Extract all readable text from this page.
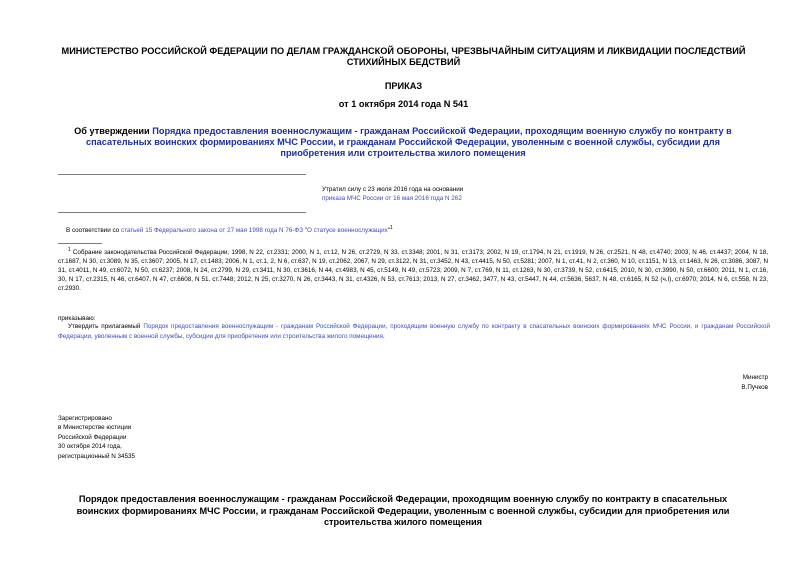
МИНИСТЕРСТВО РОССИЙСКОЙ ФЕДЕРАЦИИ ПО ДЕЛАМ ГРАЖДАНСКОЙ ОБОРОНЫ, ЧРЕЗВЫЧАЙНЫМ СИТУАЦИЯМ И ЛИКВИДАЦИИ ПОСЛЕДСТВИЙ СТИХИЙНЫХ БЕДСТВИЙ
ПРИКАЗ
от 1 октября 2014 года N 541
Об утверждении Порядка предоставления военнослужащим - гражданам Российской Федерации, проходящим военную службу по контракту в спасательных воинских формированиях МЧС России, и гражданам Российской Федерации, уволенным с военной службы, субсидии для приобретения или строительства жилого помещения
Утратил силу с 23 июля 2016 года на основании
приказа МЧС России от 16 мая 2016 года N 262
В соответствии со статьей 15 Федерального закона от 27 мая 1998 года N 76-ФЗ "О статусе военнослужащих"$^1$
$^1$ Собрание законодательства Российской Федерации, 1998, N 22, ст.2331; 2000, N 1, ст.12, N 26, ст.2729, N 33, ст.3348; 2001, N 31, ст.3173; 2002, N 19, ст.1794, N 21, ст.1919, N 26, ст.2521, N 48, ст.4740; 2003, N 46, ст.4437; 2004, N 18, ст.1687, N 30, ст.3089, N 35, ст.3607; 2005, N 17, ст.1483; 2006, N 1, ст.1, 2, N 6, ст.637, N 19, ст.2062, 2067, N 29, ст.3122, N 31, ст.3452, N 43, ст.4415, N 50, ст.5281; 2007, N 1, ст.41, N 2, ст.360, N 10, ст.1151, N 13, ст.1463, N 26, ст.3086, 3087, N 31, ст.4011, N 49, ст.6072, N 50, ст.6237; 2008, N 24, ст.2799, N 29, ст.3411, N 30, ст.3616, N 44, ст.4983, N 45, ст.5149, N 49, ст.5723; 2009, N 7, ст.769, N 11, ст.1263, N 30, ст.3739, N 52, ст.6415; 2010, N 30, ст.3990, N 50, ст.6600; 2011, N 1, ст.16, 30, N 17, ст.2315, N 46, ст.6407, N 47, ст.6608, N 51, ст.7448; 2012, N 25, ст.3270, N 26, ст.3443, N 31, ст.4326, N 53, ст.7613; 2013, N 27, ст.3462, 3477, N 43, ст.5447, N 44, ст.5636, 5637, N 48, ст.6165, N 52 (ч.I), ст.6970; 2014, N 6, ст.558, N 23, ст.2930.
приказываю:
Утвердить прилагаемый Порядок предоставления военнослужащим - гражданам Российской Федерации, проходящим военную службу по контракту в спасательных воинских формированиях МЧС России, и гражданам Российской Федерации, уволенным с военной службы, субсидии для приобретения или строительства жилого помещения.
Министр
В.Пучков
Зарегистрировано
в Министерстве юстиции
Российской Федерации
30 октября 2014 года,
регистрационный N 34535
Порядок предоставления военнослужащим - гражданам Российской Федерации, проходящим военную службу по контракту в спасательных воинских формированиях МЧС России, и гражданам Российской Федерации, уволенным с военной службы, субсидии для приобретения или строительства жилого помещения
